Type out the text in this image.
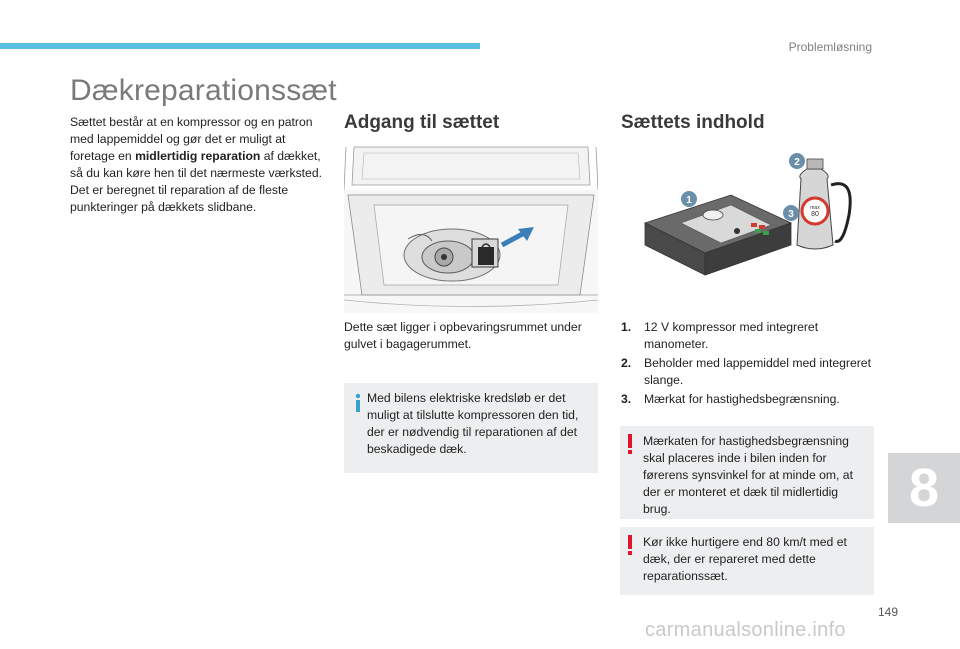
Problemløsning
Dækreparationssæt
Sættet består at en kompressor og en patron med lappemiddel og gør det er muligt at foretage en midlertidig reparation af dækket, så du kan køre hen til det nærmeste værksted. Det er beregnet til reparation af de fleste punkteringer på dækkets slidbane.
Adgang til sættet	Sættets indhold
max
80
1
2
3
Dette sæt ligger i opbevaringsrummet under gulvet i bagagerummet.
Med bilens elektriske kredsløb er det muligt at tilslutte kompressoren den tid, der er nødvendig til reparationen af det beskadigede dæk.
1. 12 V kompressor med integreret manometer.
2. Beholder med lappemiddel med integreret slange.
3. Mærkat for hastighedsbegrænsning.
Mærkaten for hastighedsbegrænsning skal placeres inde i bilen inden for førerens synsvinkel for at minde om, at der er monteret et dæk til midlertidig brug.
Kør ikke hurtigere end 80 km/t med et dæk, der er repareret med dette reparationssæt.
8
149
carmanualsonline.info
